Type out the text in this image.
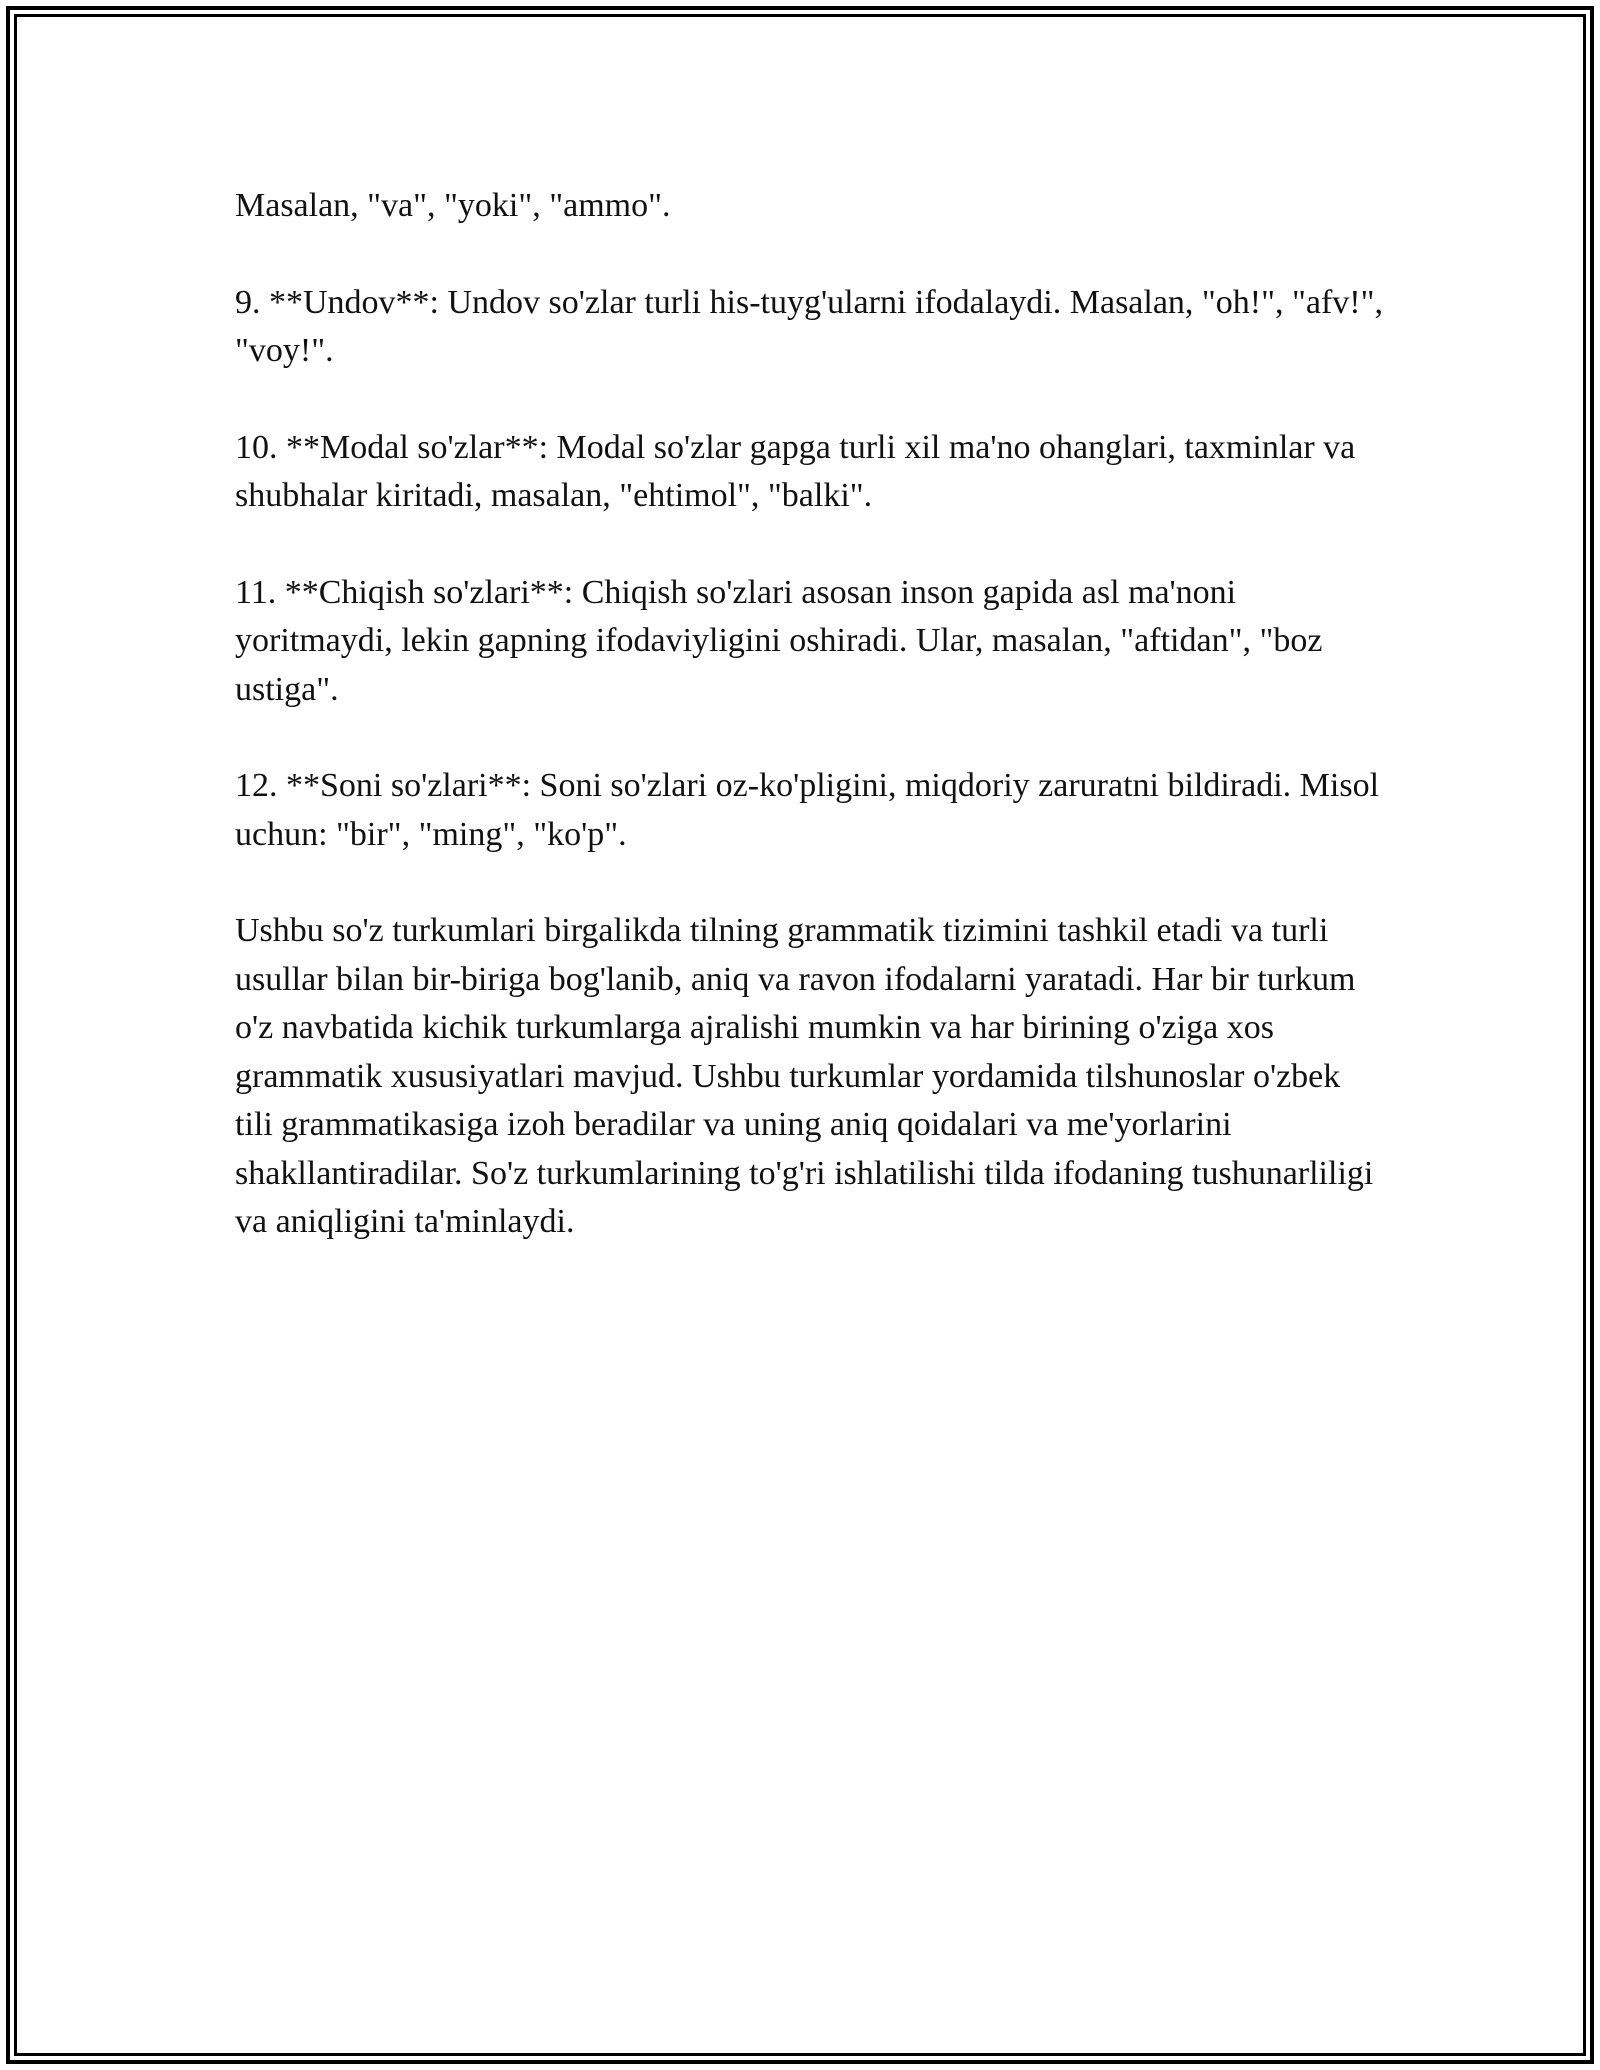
Masalan, "va", "yoki", "ammo".

9. **Undov**: Undov so'zlar turli his-tuyg'ularni ifodalaydi. Masalan, "oh!", "afv!", "voy!".

10. **Modal so'zlar**: Modal so'zlar gapga turli xil ma'no ohanglari, taxminlar va shubhalar kiritadi, masalan, "ehtimol", "balki".

11. **Chiqish so'zlari**: Chiqish so'zlari asosan inson gapida asl ma'noni yoritmaydi, lekin gapning ifodaviyligini oshiradi. Ular, masalan, "aftidan", "boz ustiga".

12. **Soni so'zlari**: Soni so'zlari oz-ko'pligini, miqdoriy zaruratni bildiradi. Misol uchun: "bir", "ming", "ko'p".

Ushbu so'z turkumlari birgalikda tilning grammatik tizimini tashkil etadi va turli usullar bilan bir-biriga bog'lanib, aniq va ravon ifodalarni yaratadi. Har bir turkum o'z navbatida kichik turkumlarga ajralishi mumkin va har birining o'ziga xos grammatik xususiyatlari mavjud. Ushbu turkumlar yordamida tilshunoslar o'zbek tili grammatikasiga izoh beradilar va uning aniq qoidalari va me'yorlarini shakllantiradilar. So'z turkumlarining to'g'ri ishlatilishi tilda ifodaning tushunarliligi va aniqligini ta'minlaydi.
